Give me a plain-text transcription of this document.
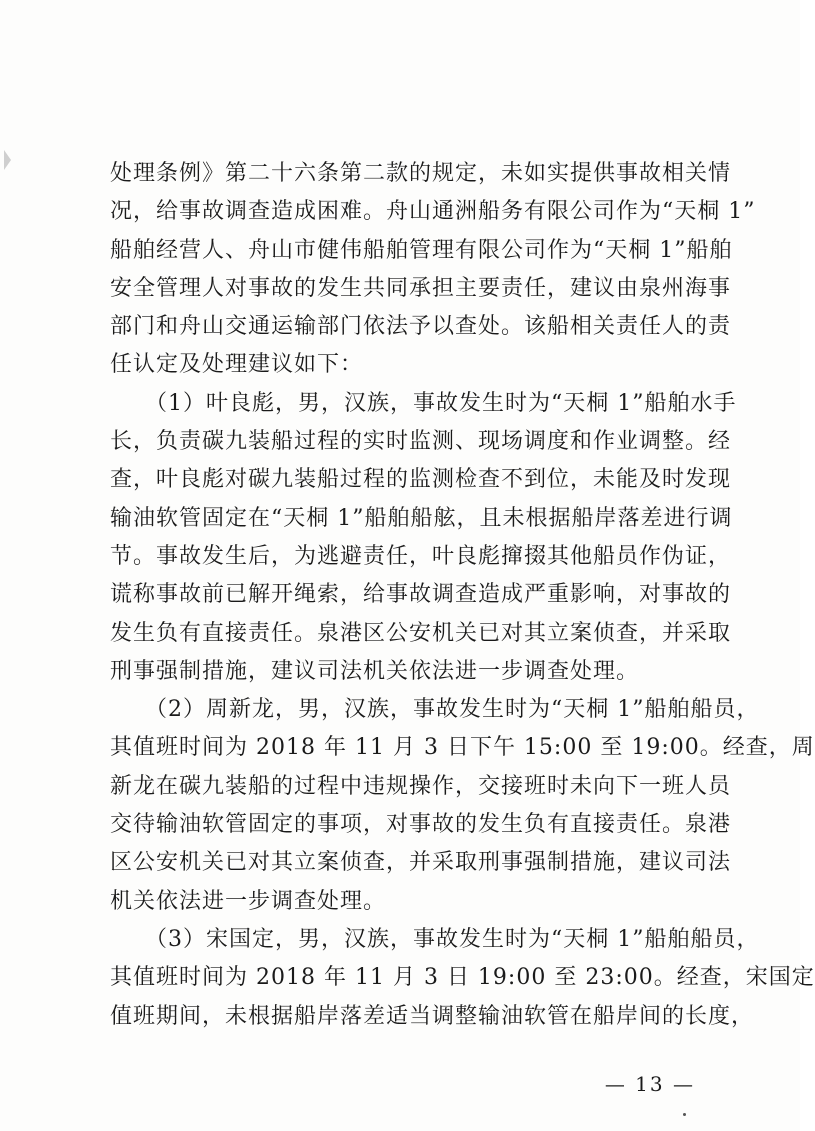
处理条例》第二十六条第二款的规定，未如实提供事故相关情
况，给事故调查造成困难。舟山通洲船务有限公司作为“天桐 1”
船舶经营人、舟山市健伟船舶管理有限公司作为“天桐 1”船舶
安全管理人对事故的发生共同承担主要责任，建议由泉州海事
部门和舟山交通运输部门依法予以查处。该船相关责任人的责
任认定及处理建议如下：
　　（1）叶良彪，男，汉族，事故发生时为“天桐 1”船舶水手
长，负责碳九装船过程的实时监测、现场调度和作业调整。经
查，叶良彪对碳九装船过程的监测检查不到位，未能及时发现
输油软管固定在“天桐 1”船舶船舷，且未根据船岸落差进行调
节。事故发生后，为逃避责任，叶良彪撺掇其他船员作伪证，
谎称事故前已解开绳索，给事故调查造成严重影响，对事故的
发生负有直接责任。泉港区公安机关已对其立案侦查，并采取
刑事强制措施，建议司法机关依法进一步调查处理。
　　（2）周新龙，男，汉族，事故发生时为“天桐 1”船舶船员，
其值班时间为 2018 年 11 月 3 日下午 15:00 至 19:00。经查，周
新龙在碳九装船的过程中违规操作，交接班时未向下一班人员
交待输油软管固定的事项，对事故的发生负有直接责任。泉港
区公安机关已对其立案侦查，并采取刑事强制措施，建议司法
机关依法进一步调查处理。
　　（3）宋国定，男，汉族，事故发生时为“天桐 1”船舶船员，
其值班时间为 2018 年 11 月 3 日 19:00 至 23:00。经查，宋国定
值班期间，未根据船岸落差适当调整输油软管在船岸间的长度，
— 13 —
